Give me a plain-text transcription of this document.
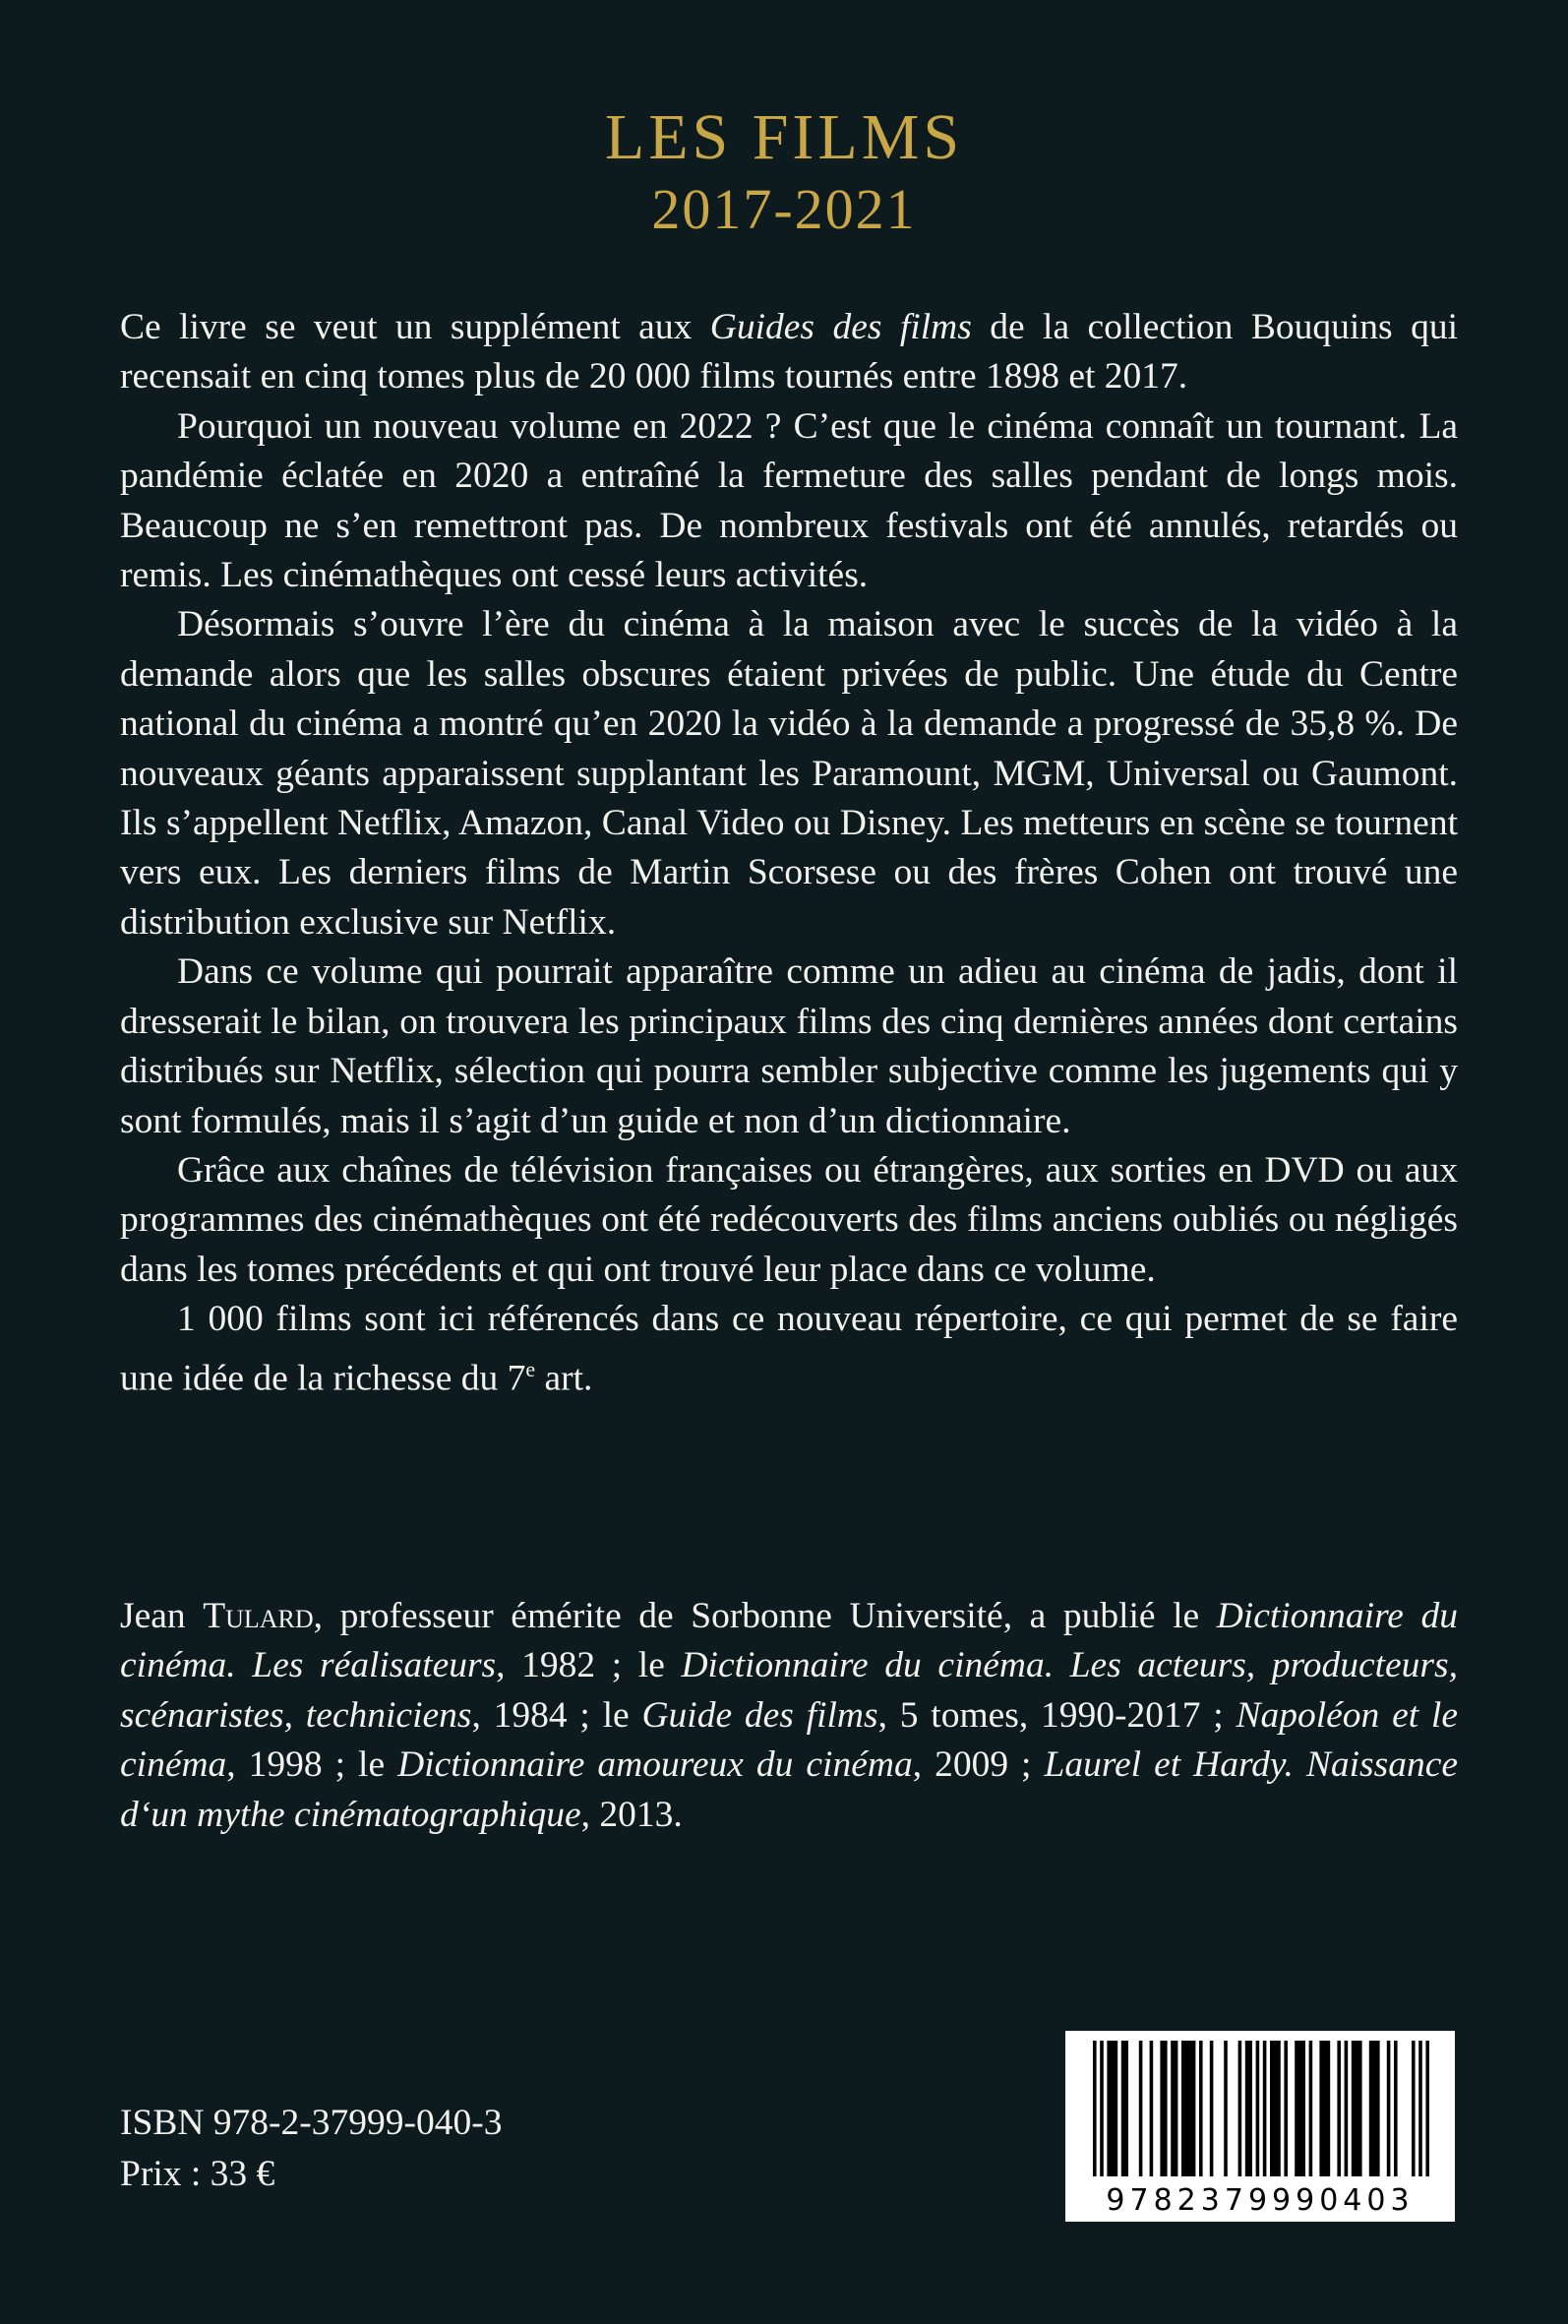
LES FILMS
2017-2021

Ce livre se veut un supplément aux Guides des films de la collection Bouquins qui recensait en cinq tomes plus de 20 000 films tournés entre 1898 et 2017.

Pourquoi un nouveau volume en 2022 ? C’est que le cinéma connaît un tournant. La pandémie éclatée en 2020 a entraîné la fermeture des salles pendant de longs mois. Beaucoup ne s’en remettront pas. De nombreux festivals ont été annulés, retardés ou remis. Les cinémathèques ont cessé leurs activités.

Désormais s’ouvre l’ère du cinéma à la maison avec le succès de la vidéo à la demande alors que les salles obscures étaient privées de public. Une étude du Centre national du cinéma a montré qu’en 2020 la vidéo à la demande a progressé de 35,8 %. De nouveaux géants apparaissent supplantant les Paramount, MGM, Universal ou Gaumont. Ils s’appellent Netflix, Amazon, Canal Video ou Disney. Les metteurs en scène se tournent vers eux. Les derniers films de Martin Scorsese ou des frères Cohen ont trouvé une distribution exclusive sur Netflix.

Dans ce volume qui pourrait apparaître comme un adieu au cinéma de jadis, dont il dresserait le bilan, on trouvera les principaux films des cinq dernières années dont certains distribués sur Netflix, sélection qui pourra sembler subjective comme les jugements qui y sont formulés, mais il s’agit d’un guide et non d’un dictionnaire.

Grâce aux chaînes de télévision françaises ou étrangères, aux sorties en DVD ou aux programmes des cinémathèques ont été redécouverts des films anciens oubliés ou négligés dans les tomes précédents et qui ont trouvé leur place dans ce volume.

1 000 films sont ici référencés dans ce nouveau répertoire, ce qui permet de se faire une idée de la richesse du 7e art.

Jean Tulard, professeur émérite de Sorbonne Université, a publié le Dictionnaire du cinéma. Les réalisateurs, 1982 ; le Dictionnaire du cinéma. Les acteurs, producteurs, scénaristes, techniciens, 1984 ; le Guide des films, 5 tomes, 1990-2017 ; Napoléon et le cinéma, 1998 ; le Dictionnaire amoureux du cinéma, 2009 ; Laurel et Hardy. Naissance d‘un mythe cinématographique, 2013.

ISBN 978-2-37999-040-3
Prix : 33 €
9782379990403
